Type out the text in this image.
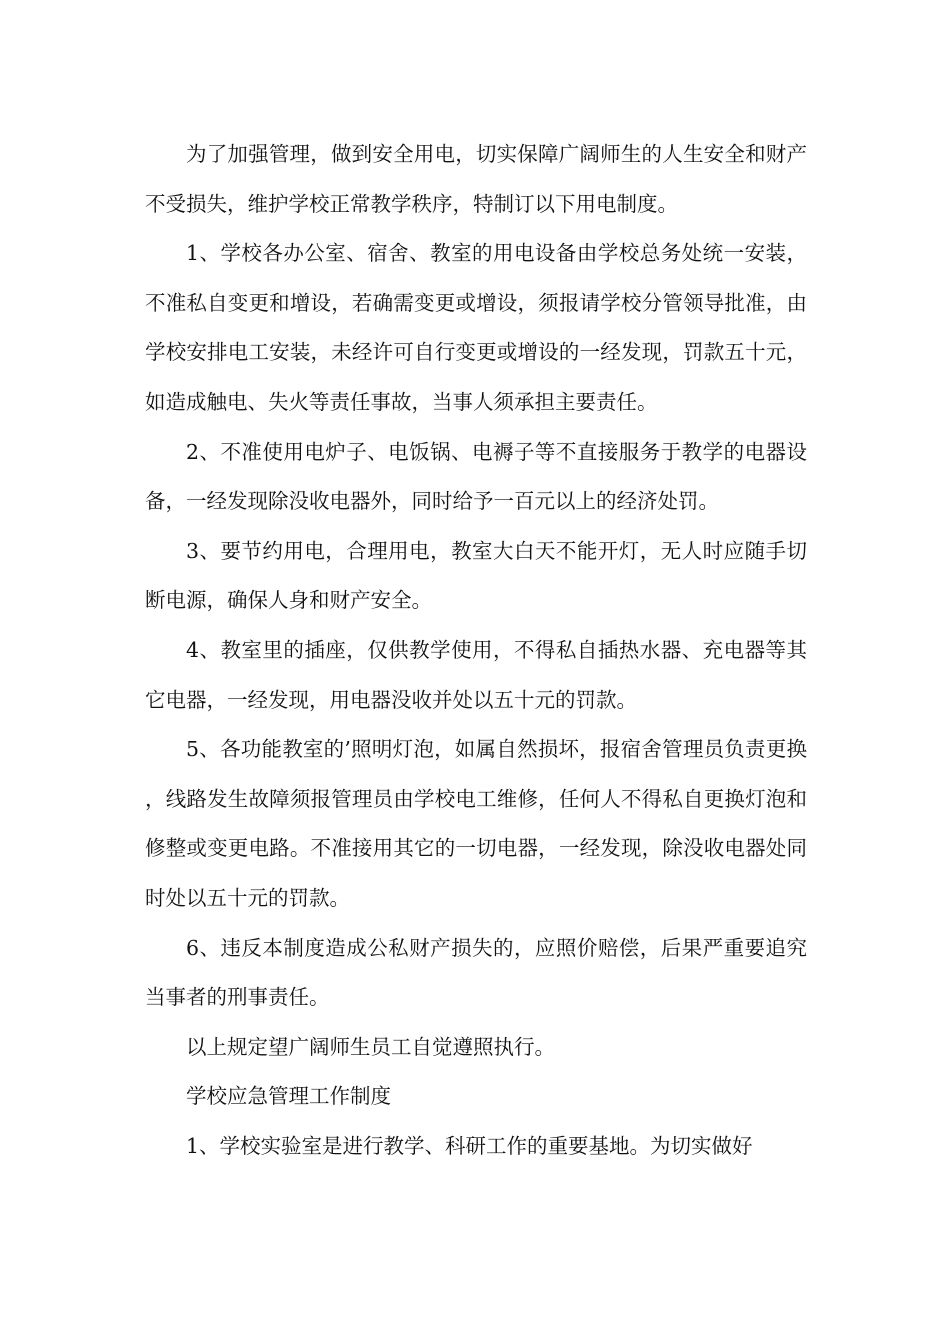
为了加强管理，做到安全用电，切实保障广阔师生的人生安全和财产不受损失，维护学校正常教学秩序，特制订以下用电制度。

1、学校各办公室、宿舍、教室的用电设备由学校总务处统一安装，不准私自变更和增设，若确需变更或增设，须报请学校分管领导批准，由学校安排电工安装，未经许可自行变更或增设的一经发现，罚款五十元，如造成触电、失火等责任事故，当事人须承担主要责任。

2、不准使用电炉子、电饭锅、电褥子等不直接服务于教学的电器设备，一经发现除没收电器外，同时给予一百元以上的经济处罚。

3、要节约用电，合理用电，教室大白天不能开灯，无人时应随手切断电源，确保人身和财产安全。

4、教室里的插座，仅供教学使用，不得私自插热水器、充电器等其它电器，一经发现，用电器没收并处以五十元的罚款。

5、各功能教室的’照明灯泡，如属自然损坏，报宿舍管理员负责更换，线路发生故障须报管理员由学校电工维修，任何人不得私自更换灯泡和修整或变更电路。不准接用其它的一切电器，一经发现，除没收电器处同时处以五十元的罚款。

6、违反本制度造成公私财产损失的，应照价赔偿，后果严重要追究当事者的刑事责任。

以上规定望广阔师生员工自觉遵照执行。

学校应急管理工作制度

1、学校实验室是进行教学、科研工作的重要基地。为切实做好
